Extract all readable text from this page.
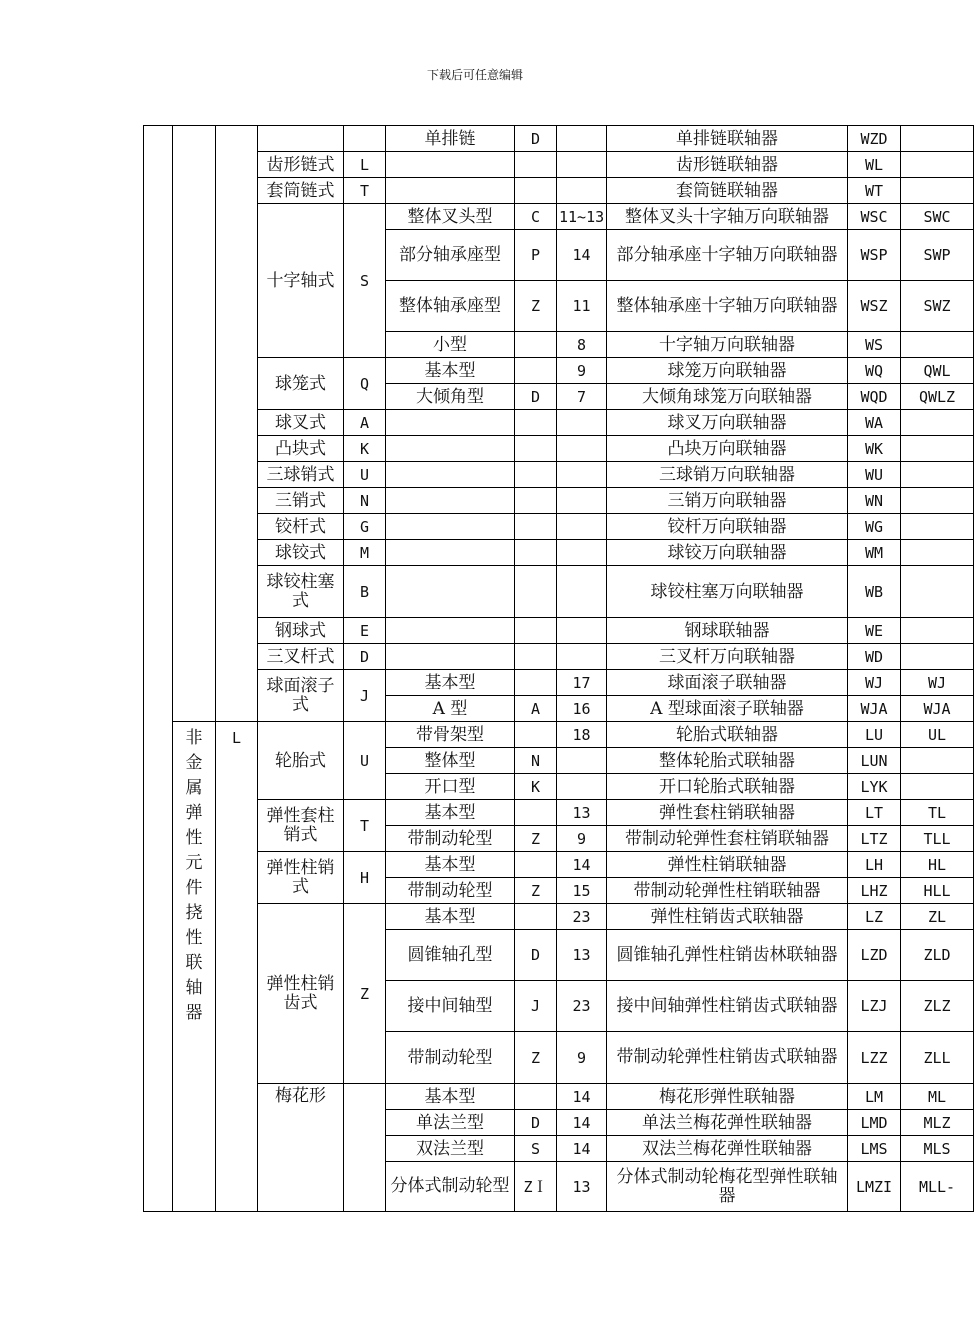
下载后可任意编辑
					单排链	D		单排链联轴器	WZD	
			齿形链式	L				齿形链联轴器	WL	
			套筒链式	T				套筒链联轴器	WT	
			十字轴式	S	整体叉头型	C	11~13	整体叉头十字轴万向联轴器	WSC	SWC
					部分轴承座型	P	14	部分轴承座十字轴万向联轴器	WSP	SWP
					整体轴承座型	Z	11	整体轴承座十字轴万向联轴器	WSZ	SWZ
					小型		8	十字轴万向联轴器	WS	
			球笼式	Q	基本型		9	球笼万向联轴器	WQ	QWL
					大倾角型	D	7	大倾角球笼万向联轴器	WQD	QWLZ
			球叉式	A				球叉万向联轴器	WA	
			凸块式	K				凸块万向联轴器	WK	
			三球销式	U				三球销万向联轴器	WU	
			三销式	N				三销万向联轴器	WN	
			铰杆式	G				铰杆万向联轴器	WG	
			球铰式	M				球铰万向联轴器	WM	
			球铰柱塞式	B				球铰柱塞万向联轴器	WB	
			钢球式	E				钢球联轴器	WE	
			三叉杆式	D				三叉杆万向联轴器	WD	
			球面滚子式	J	基本型		17	球面滚子联轴器	WJ	WJ
					A 型	A	16	A 型球面滚子联轴器	WJA	WJA

	非金属弹性元件挠性联轴器	L	轮胎式	U	带骨架型		18	轮胎式联轴器	LU	UL
					整体型	N		整体轮胎式联轴器	LUN	
					开口型	K		开口轮胎式联轴器	LYK	
			弹性套柱销式	T	基本型		13	弹性套柱销联轴器	LT	TL
					带制动轮型	Z	9	带制动轮弹性套柱销联轴器	LTZ	TLL
			弹性柱销式	H	基本型		14	弹性柱销联轴器	LH	HL
					带制动轮型	Z	15	带制动轮弹性柱销联轴器	LHZ	HLL
			弹性柱销齿式	Z	基本型		23	弹性柱销齿式联轴器	LZ	ZL
					圆锥轴孔型	D	13	圆锥轴孔弹性柱销齿林联轴器	LZD	ZLD
					接中间轴型	J	23	接中间轴弹性柱销齿式联轴器	LZJ	ZLZ
					带制动轮型	Z	9	带制动轮弹性柱销齿式联轴器	LZZ	ZLL
			梅花形		基本型		14	梅花形弹性联轴器	LM	ML
					单法兰型	D	14	单法兰梅花弹性联轴器	LMD	MLZ
					双法兰型	S	14	双法兰梅花弹性联轴器	LMS	MLS
					分体式制动轮型	ZＩ	13	分体式制动轮梅花型弹性联轴器	LMZI	MLL-
